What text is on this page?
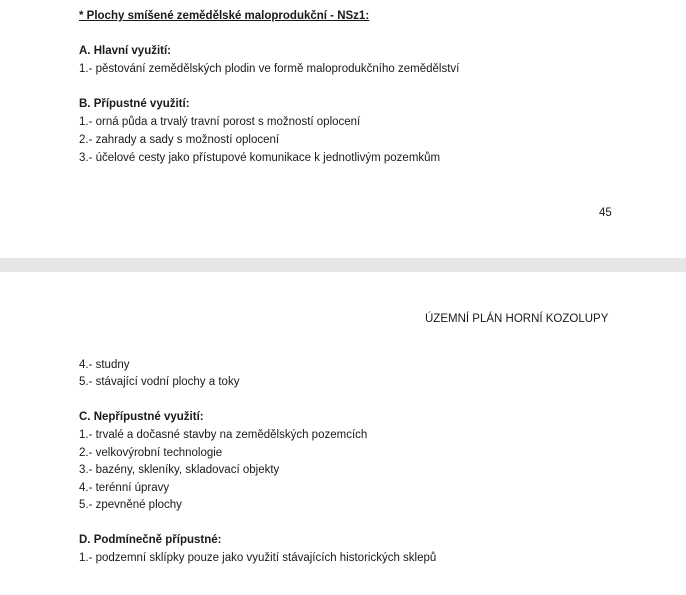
* Plochy smíšené zemědělské maloprodukční - NSz1:
A. Hlavní využití:
1.- pěstování zemědělských plodin ve formě maloprodukčního zemědělství
B. Přípustné využití:
1.- orná půda a trvalý travní porost s možností oplocení
2.- zahrady a sady s možností oplocení
3.- účelové cesty jako přístupové komunikace k jednotlivým pozemkům
45
ÚZEMNÍ PLÁN HORNÍ KOZOLUPY
4.- studny
5.- stávající vodní plochy a toky
C. Nepřípustné využití:
1.- trvalé a dočasné stavby na zemědělských pozemcích
2.- velkovýrobní technologie
3.- bazény, skleníky, skladovací objekty
4.- terénní úpravy
5.- zpevněné plochy
D. Podmínečně přípustné:
1.- podzemní sklípky pouze jako využití stávajících historických sklepů
